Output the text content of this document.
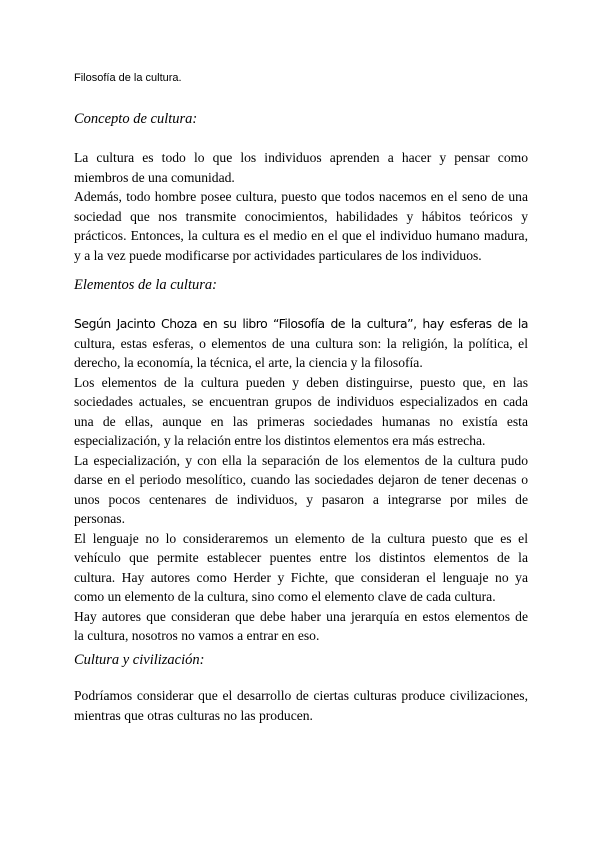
Filosofía de la cultura.
Concepto de cultura:
La cultura es todo lo que los individuos aprenden a hacer y pensar como
miembros de una comunidad.
Además, todo hombre posee cultura, puesto que todos nacemos en el seno de una
sociedad que nos transmite conocimientos, habilidades y hábitos teóricos y
prácticos. Entonces, la cultura es el medio en el que el individuo humano madura,
y a la vez puede modificarse por actividades particulares de los individuos.
Elementos de la cultura:
Según Jacinto Choza en su libro “Filosofía de la cultura”, hay esferas de la
cultura, estas esferas, o elementos de una cultura son: la religión, la política, el
derecho, la economía, la técnica, el arte, la ciencia y la filosofía.
Los elementos de la cultura pueden y deben distinguirse, puesto que, en las
sociedades actuales, se encuentran grupos de individuos especializados en cada
una de ellas, aunque en las primeras sociedades humanas no existía esta
especialización, y la relación entre los distintos elementos era más estrecha.
La especialización, y con ella la separación de los elementos de la cultura pudo
darse en el periodo mesolítico, cuando las sociedades dejaron de tener decenas o
unos pocos centenares de individuos, y pasaron a integrarse por miles de
personas.
El lenguaje no lo consideraremos un elemento de la cultura puesto que es el
vehículo que permite establecer puentes entre los distintos elementos de la
cultura. Hay autores como Herder y Fichte, que consideran el lenguaje no ya
como un elemento de la cultura, sino como el elemento clave de cada cultura.
Hay autores que consideran que debe haber una jerarquía en estos elementos de
la cultura, nosotros no vamos a entrar en eso.
Cultura y civilización:
Podríamos considerar que el desarrollo de ciertas culturas produce civilizaciones,
mientras que otras culturas no las producen.
